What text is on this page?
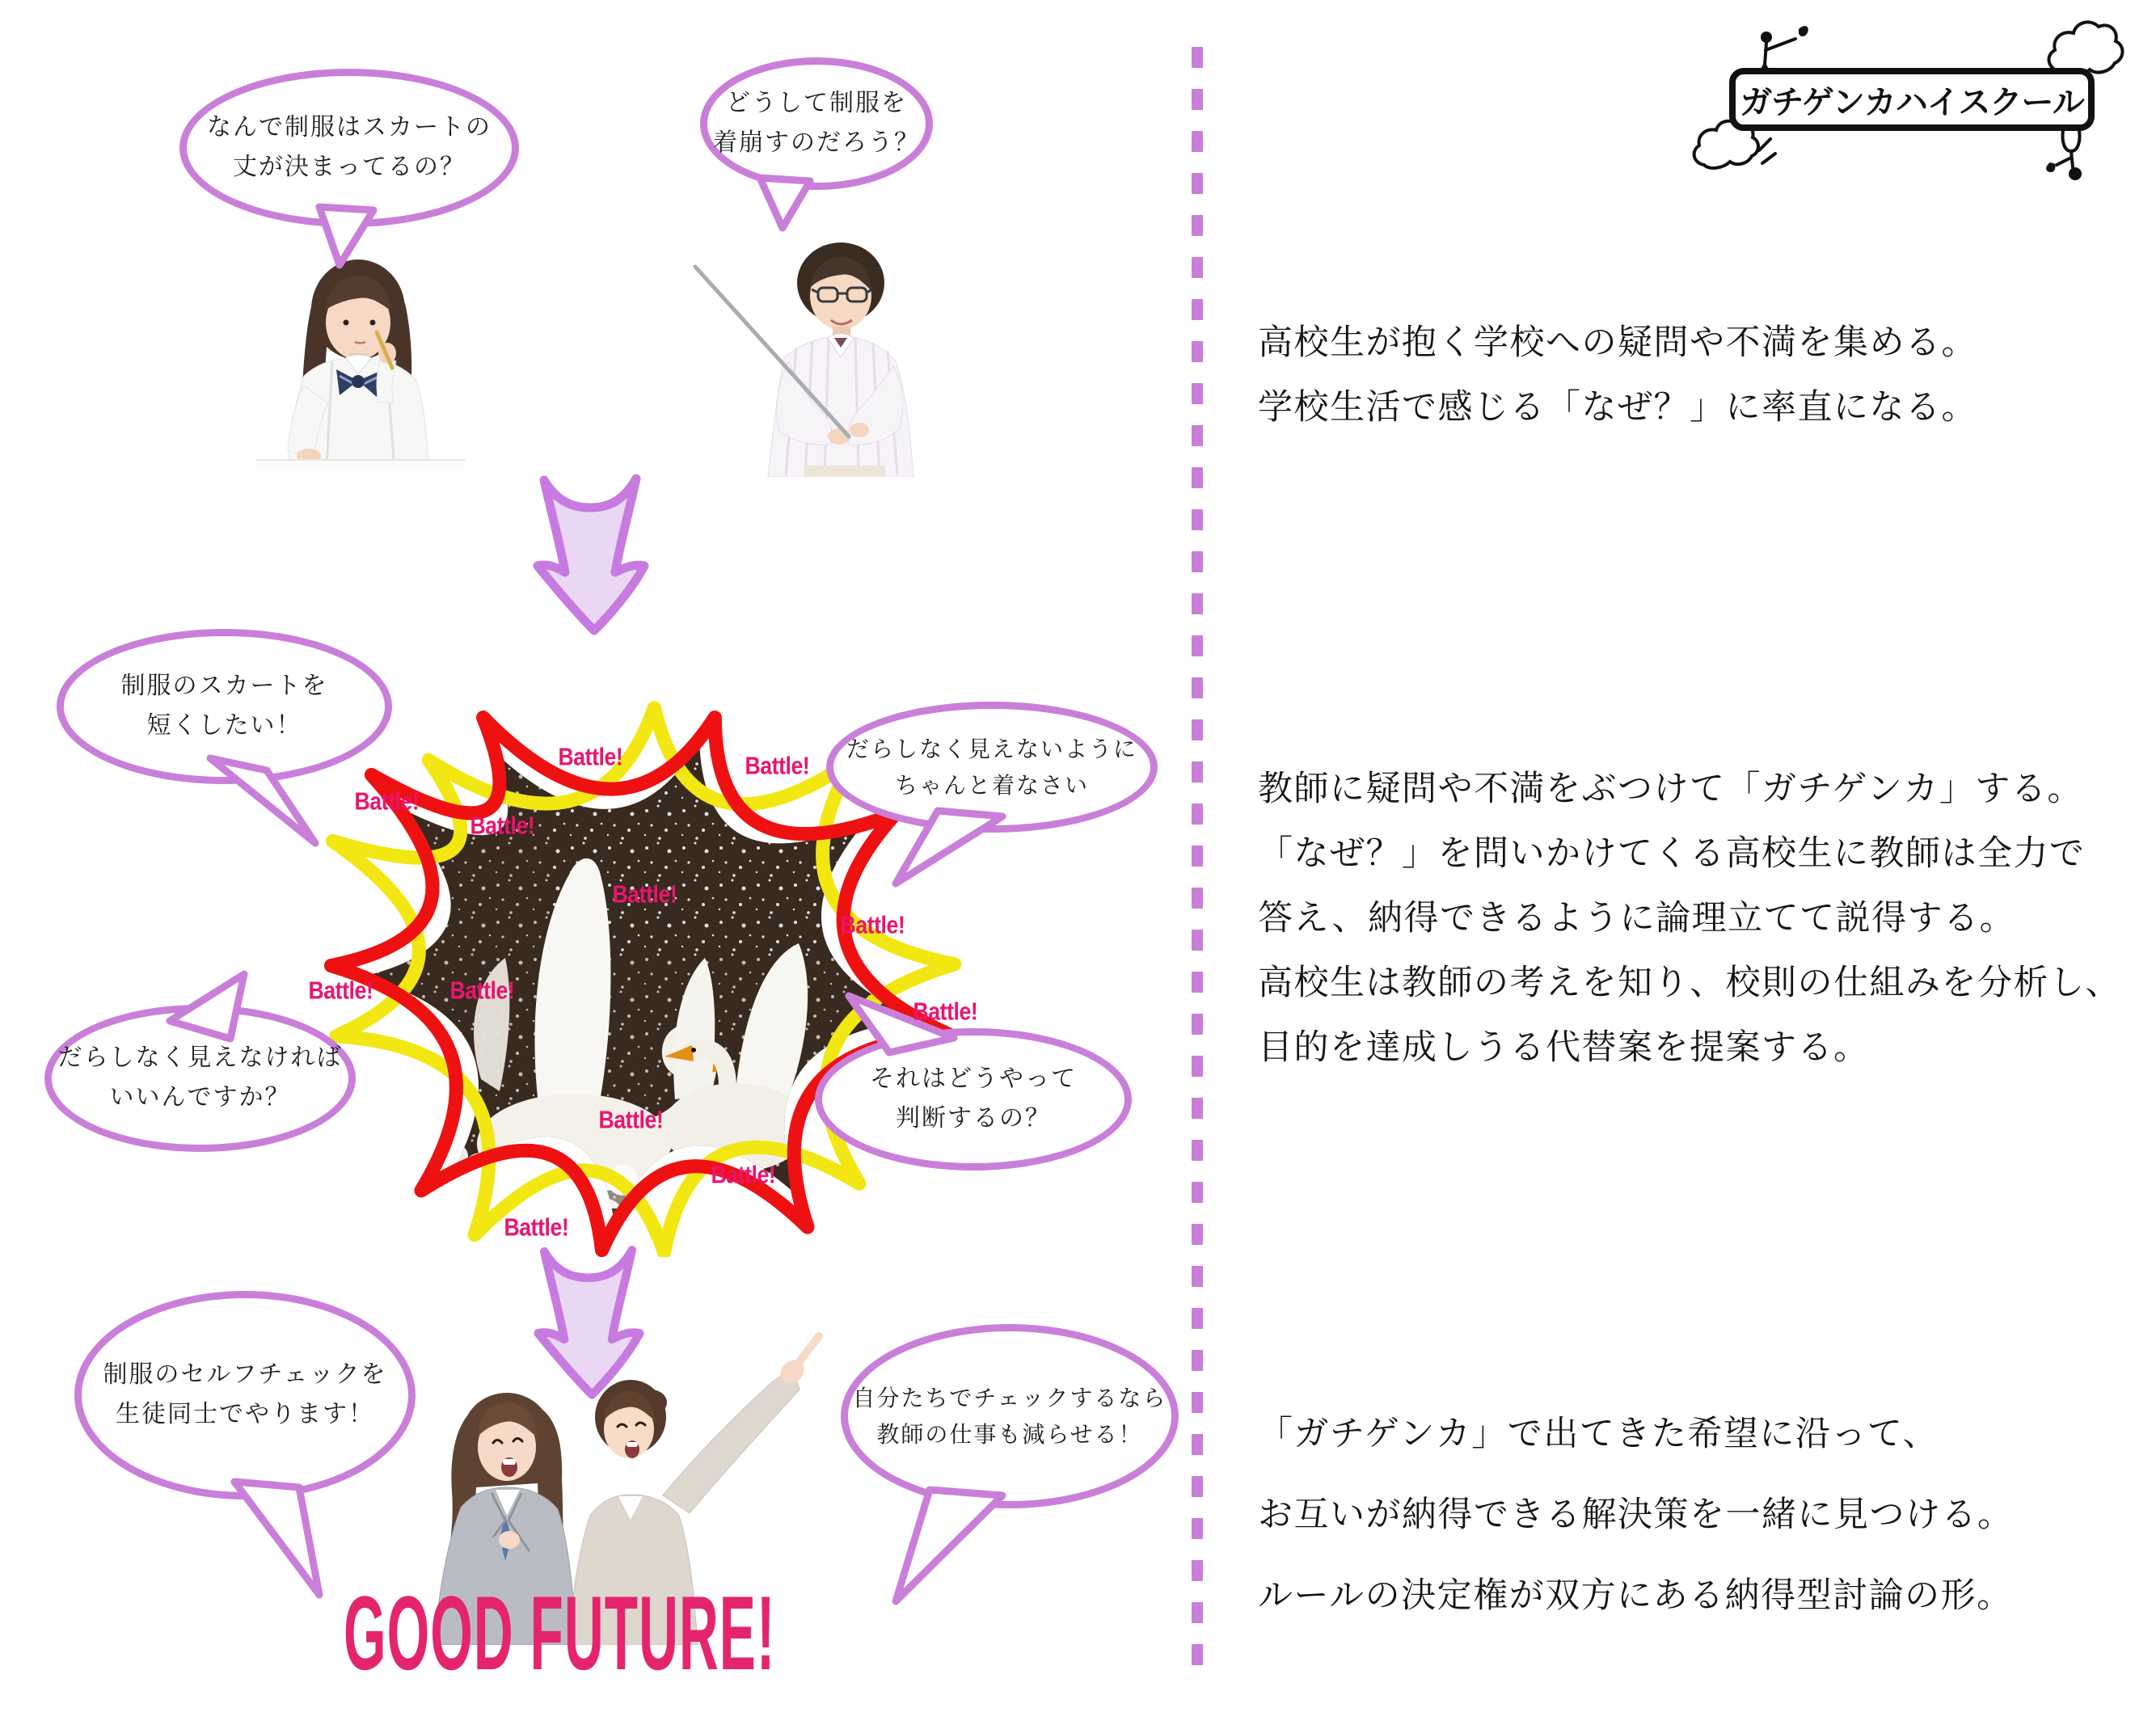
ガチゲンカハイスクール
高校生が抱く学校への疑問や不満を集める。
学校生活で感じる「なぜ？」に率直になる。
教師に疑問や不満をぶつけて「ガチゲンカ」する。
「なぜ？」を問いかけてくる高校生に教師は全力で
答え、納得できるように論理立てて説得する。
高校生は教師の考えを知り、校則の仕組みを分析し、
目的を達成しうる代替案を提案する。
「ガチゲンカ」で出てきた希望に沿って、
お互いが納得できる解決策を一緒に見つける。
ルールの決定権が双方にある納得型討論の形。
なんで制服はスカートの
丈が決まってるの？
どうして制服を
着崩すのだろう？
制服のスカートを
短くしたい！
だらしなく見えないように
ちゃんと着なさい
だらしなく見えなければ
いいんですか？
それはどうやって
判断するの？
Battle!	Battle!
Battle!
Battle!
Battle!
Battle!
Battle!	Battle!
Battle!
Battle!
Battle!
Battle!
制服のセルフチェックを
生徒同士でやります！
自分たちでチェックするなら
教師の仕事も減らせる！
GOOD FUTURE!
